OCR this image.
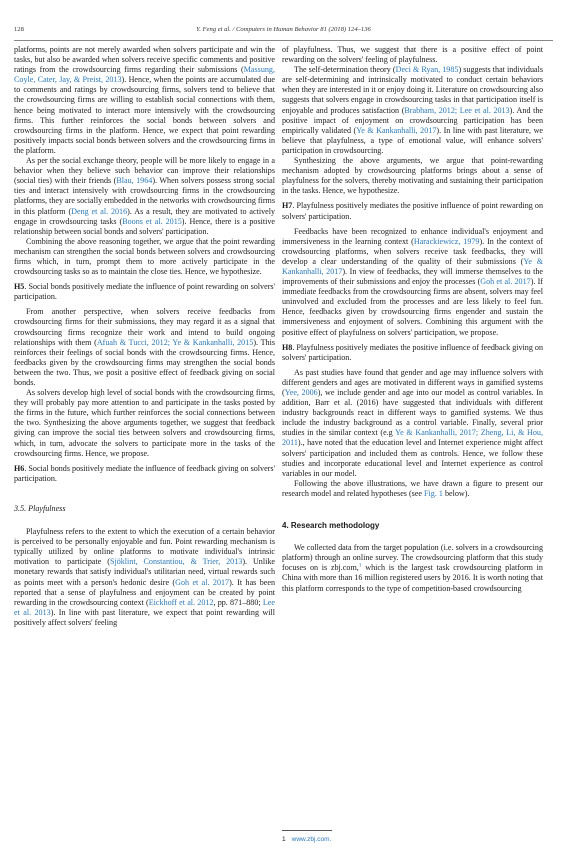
128	Y. Feng et al. / Computers in Human Behavior 81 (2018) 124–136

platforms, points are not merely awarded when solvers participate and win the tasks, but also be awarded when solvers receive specific comments and positive ratings from the crowdsourcing firms regarding their submissions (Massung, Coyle, Cater, Jay, & Preist, 2013). Hence, when the points are accumulated due to comments and ratings by crowdsourcing firms, solvers tend to believe that the crowdsourcing firms are willing to establish social connections with them, hence being motivated to interact more intensively with the crowdsourcing firms. This further reinforces the social bonds between solvers and crowdsourcing firms in the platform. Hence, we expect that point rewarding positively impacts social bonds between solvers and the crowdsourcing firms in the platform.

As per the social exchange theory, people will be more likely to engage in a behavior when they believe such behavior can improve their relationships (social ties) with their friends (Blau, 1964). When solvers possess strong social ties and interact intensively with crowdsourcing firms in the crowdsourcing platforms, they are socially embedded in the networks with crowdsourcing firms in this platform (Deng et al. 2016). As a result, they are motivated to actively engage in crowdsourcing tasks (Boons et al. 2015). Hence, there is a positive relationship between social bonds and solvers' participation.

Combining the above reasoning together, we argue that the point rewarding mechanism can strengthen the social bonds between solvers and crowdsourcing firms which, in turn, prompt them to more actively participate in the crowdsourcing tasks so as to maintain the close ties. Hence, we hypothesize.

H5. Social bonds positively mediate the influence of point rewarding on solvers' participation.

From another perspective, when solvers receive feedbacks from crowdsourcing firms for their submissions, they may regard it as a signal that crowdsourcing firms recognize their work and intend to build ongoing relationships with them (Afuah & Tucci, 2012; Ye & Kankanhalli, 2015). This reinforces their feelings of social bonds with the crowdsourcing firms. Hence, feedbacks given by the crowdsourcing firms may strengthen the social bonds between the two. Thus, we posit a positive effect of feedback giving on social bonds.

As solvers develop high level of social bonds with the crowdsourcing firms, they will probably pay more attention to and participate in the tasks posted by the firms in the future, which further reinforces the social connections between the two. Synthesizing the above arguments together, we suggest that feedback giving can improve the social ties between solvers and crowdsourcing firms, which, in turn, advocate the solvers to participate more in the tasks of the crowdsourcing firms. Hence, we propose.

H6. Social bonds positively mediate the influence of feedback giving on solvers' participation.

3.5. Playfulness

Playfulness refers to the extent to which the execution of a certain behavior is perceived to be personally enjoyable and fun. Point rewarding mechanism is typically utilized by online platforms to motivate individual's intrinsic motivation to participate (Sjöklint, Constantiou, & Trier, 2013). Unlike monetary rewards that satisfy individual's utilitarian need, virtual rewards such as points meet with a person's hedonic desire (Goh et al. 2017). It has been reported that a sense of playfulness and enjoyment can be created by point rewarding in the crowdsourcing context (Eickhoff et al. 2012, pp. 871–880; Lee et al. 2013). In line with past literature, we expect that point rewarding will positively affect solvers' feeling

of playfulness. Thus, we suggest that there is a positive effect of point rewarding on the solvers' feeling of playfulness.

The self-determination theory (Deci & Ryan, 1985) suggests that individuals are self-determining and intrinsically motivated to conduct certain behaviors when they are interested in it or enjoy doing it. Literature on crowdsourcing also suggests that solvers engage in crowdsourcing tasks in that participation itself is enjoyable and produces satisfaction (Brabham, 2012; Lee et al. 2013). And the positive impact of enjoyment on crowdsourcing participation has been empirically validated (Ye & Kankanhalli, 2017). In line with past literature, we believe that playfulness, a type of emotional value, will enhance solvers' participation in crowdsourcing.

Synthesizing the above arguments, we argue that point-rewarding mechanism adopted by crowdsourcing platforms brings about a sense of playfulness for the solvers, thereby motivating and sustaining their participation in the tasks. Hence, we hypothesize.

H7. Playfulness positively mediates the positive influence of point rewarding on solvers' participation.

Feedbacks have been recognized to enhance individual's enjoyment and immersiveness in the learning context (Harackiewicz, 1979). In the context of crowdsourcing platforms, when solvers receive task feedbacks, they will develop a clear understanding of the quality of their submissions (Ye & Kankanhalli, 2017). In view of feedbacks, they will immerse themselves to the improvements of their submissions and enjoy the processes (Goh et al. 2017). If immediate feedbacks from the crowdsourcing firms are absent, solvers may feel uninvolved and excluded from the processes and are less likely to feel fun. Hence, feedbacks given by crowdsourcing firms engender and sustain the immersiveness and enjoyment of solvers. Combining this argument with the positive effect of playfulness on solvers' participation, we propose.

H8. Playfulness positively mediates the positive influence of feedback giving on solvers' participation.

As past studies have found that gender and age may influence solvers with different genders and ages are motivated in different ways in gamified systems (Yee, 2006), we include gender and age into our model as control variables. In addition, Barr et al. (2016) have suggested that individuals with different industry backgrounds react in different ways to gamified systems. We thus include the industry background as a control variable. Finally, several prior studies in the similar context (e.g Ye & Kankanhalli, 2017; Zheng, Li, & Hou, 2011)., have noted that the education level and Internet experience might affect solvers' participation and included them as controls. Hence, we follow these studies and incorporate educational level and Internet experience as control variables in our model.

Following the above illustrations, we have drawn a figure to present our research model and related hypotheses (see Fig. 1 below).

4. Research methodology

We collected data from the target population (i.e. solvers in a crowdsourcing platform) through an online survey. The crowdsourcing platform that this study focuses on is zbj.com,$^1$ which is the largest task crowdsourcing platform in China with more than 16 million registered users by 2016. It is worth noting that this platform corresponds to the type of competition-based crowdsourcing

1 www.zbj.com.
